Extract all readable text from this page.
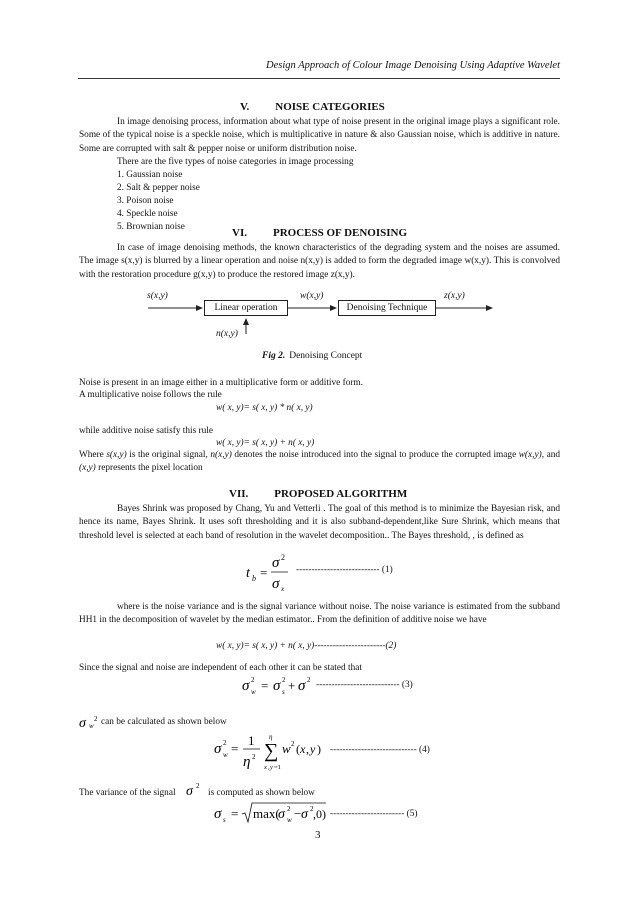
Design Approach of Colour Image Denoising Using Adaptive Wavelet
V. NOISE CATEGORIES
In image denoising process, information about what type of noise present in the original image plays a significant role. Some of the typical noise is a speckle noise, which is multiplicative in nature & also Gaussian noise, which is additive in nature. Some are corrupted with salt & pepper noise or uniform distribution noise.
There are the five types of noise categories in image processing
1. Gaussian noise
2. Salt & pepper noise
3. Poison noise
4. Speckle noise
5. Brownian noise	VI. PROCESS OF DENOISING
In case of image denoising methods, the known characteristics of the degrading system and the noises are assumed. The image s(x,y) is blurred by a linear operation and noise n(x,y) is added to form the degraded image w(x,y). This is convolved with the restoration procedure g(x,y) to produce the restored image z(x,y).
Linear operation	Denoising Technique
s(x,y)	w(x,y)	z(x,y)
n(x,y)
Fig 2. Denoising Concept
Noise is present in an image either in a multiplicative form or additive form.
A multiplicative noise follows the rule
w( x, y)= s( x, y) * n( x, y)
while additive noise satisfy this rule
w( x, y)= s( x, y) + n( x, y)
Where s(x,y) is the original signal, n(x,y) denotes the noise introduced into the signal to produce the corrupted image w(x,y), and (x,y) represents the pixel location
VII. PROPOSED ALGORITHM
Bayes Shrink was proposed by Chang, Yu and Vetterli . The goal of this method is to minimize the Bayesian risk, and hence its name, Bayes Shrink. It uses soft thresholding and it is also subband-dependent,like Sure Shrink, which means that threshold level is selected at each band of resolution in the wavelet decomposition.. The Bayes threshold, , is defined as
t b =
σ 2
σ x
--------------------------- (1)
where is the noise variance and is the signal variance without noise. The noise variance is estimated from the subband HH1 in the decomposition of wavelet by the median estimator.. From the definition of additive noise we have
w( x, y)= s( x, y) + n( x, y)-----------------------(2)
Since the signal and noise are independent of each other it can be stated that
σ 2
w = σ 2
s + σ 2 --------------------------- (3)
σ w
2 can be calculated as shown below
σ 2
w =
1
η 2 ∑
η
x , y =1
w 2 ( x , y ) ---------------------------- (4)
The variance of the signal σ 2
is computed as shown below
σ s = max(
σ 2
w − σ 2 ,0) ------------------------ (5)
3
